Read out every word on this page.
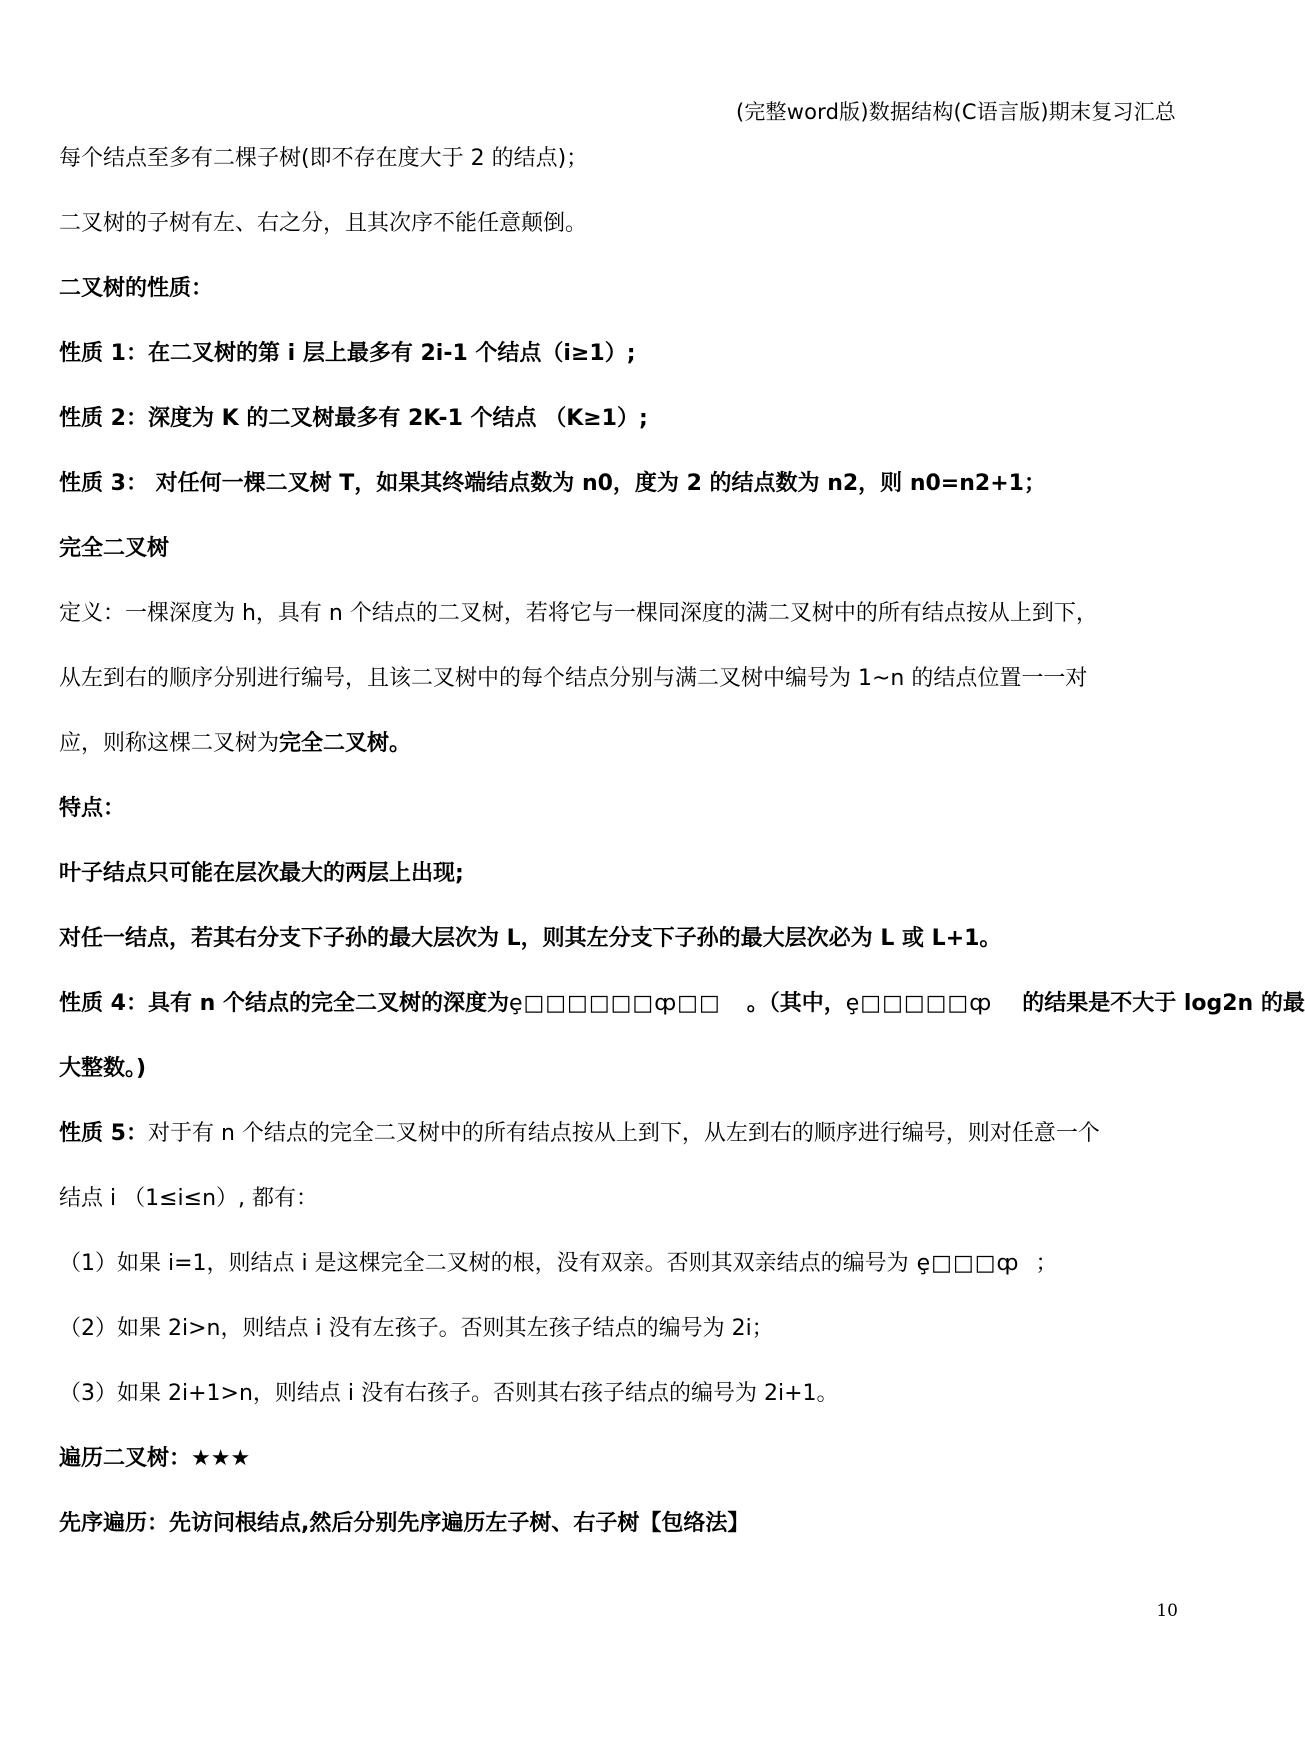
(完整word版)数据结构(C语言版)期末复习汇总
每个结点至多有二棵子树(即不存在度大于 2 的结点)；
二叉树的子树有左、右之分，且其次序不能任意颠倒。
二叉树的性质：
性质 1：在二叉树的第 i 层上最多有 2i-1 个结点（i≥1）;
性质 2：深度为 K 的二叉树最多有 2K-1 个结点 （K≥1）;
性质 3： 对任何一棵二叉树 T，如果其终端结点数为 n0，度为 2 的结点数为 n2，则 n0=n2+1；
完全二叉树
定义：一棵深度为 h，具有 n 个结点的二叉树，若将它与一棵同深度的满二叉树中的所有结点按从上到下，
从左到右的顺序分别进行编号，且该二叉树中的每个结点分别与满二叉树中编号为 1~n 的结点位置一一对
应，则称这棵二叉树为完全二叉树。
特点：
叶子结点只可能在层次最大的两层上出现;
对任一结点，若其右分支下子孙的最大层次为 L，则其左分支下子孙的最大层次必为 L 或 L+1。
性质 4：具有 n 个结点的完全二叉树的深度为ȩ□□□□□□ȹ□□ 。（其中，ȩ□□□□□ȹ 的结果是不大于 log2n 的最
大整数。)
性质 5：对于有 n 个结点的完全二叉树中的所有结点按从上到下，从左到右的顺序进行编号，则对任意一个
结点 i （1≤i≤n）, 都有：
（1）如果 i=1，则结点 i 是这棵完全二叉树的根，没有双亲。否则其双亲结点的编号为 ȩ□□□ȹ ；
（2）如果 2i>n，则结点 i 没有左孩子。否则其左孩子结点的编号为 2i；
（3）如果 2i+1>n，则结点 i 没有右孩子。否则其右孩子结点的编号为 2i+1。
遍历二叉树：★★★
先序遍历：先访问根结点,然后分别先序遍历左子树、右子树【包络法】
10
